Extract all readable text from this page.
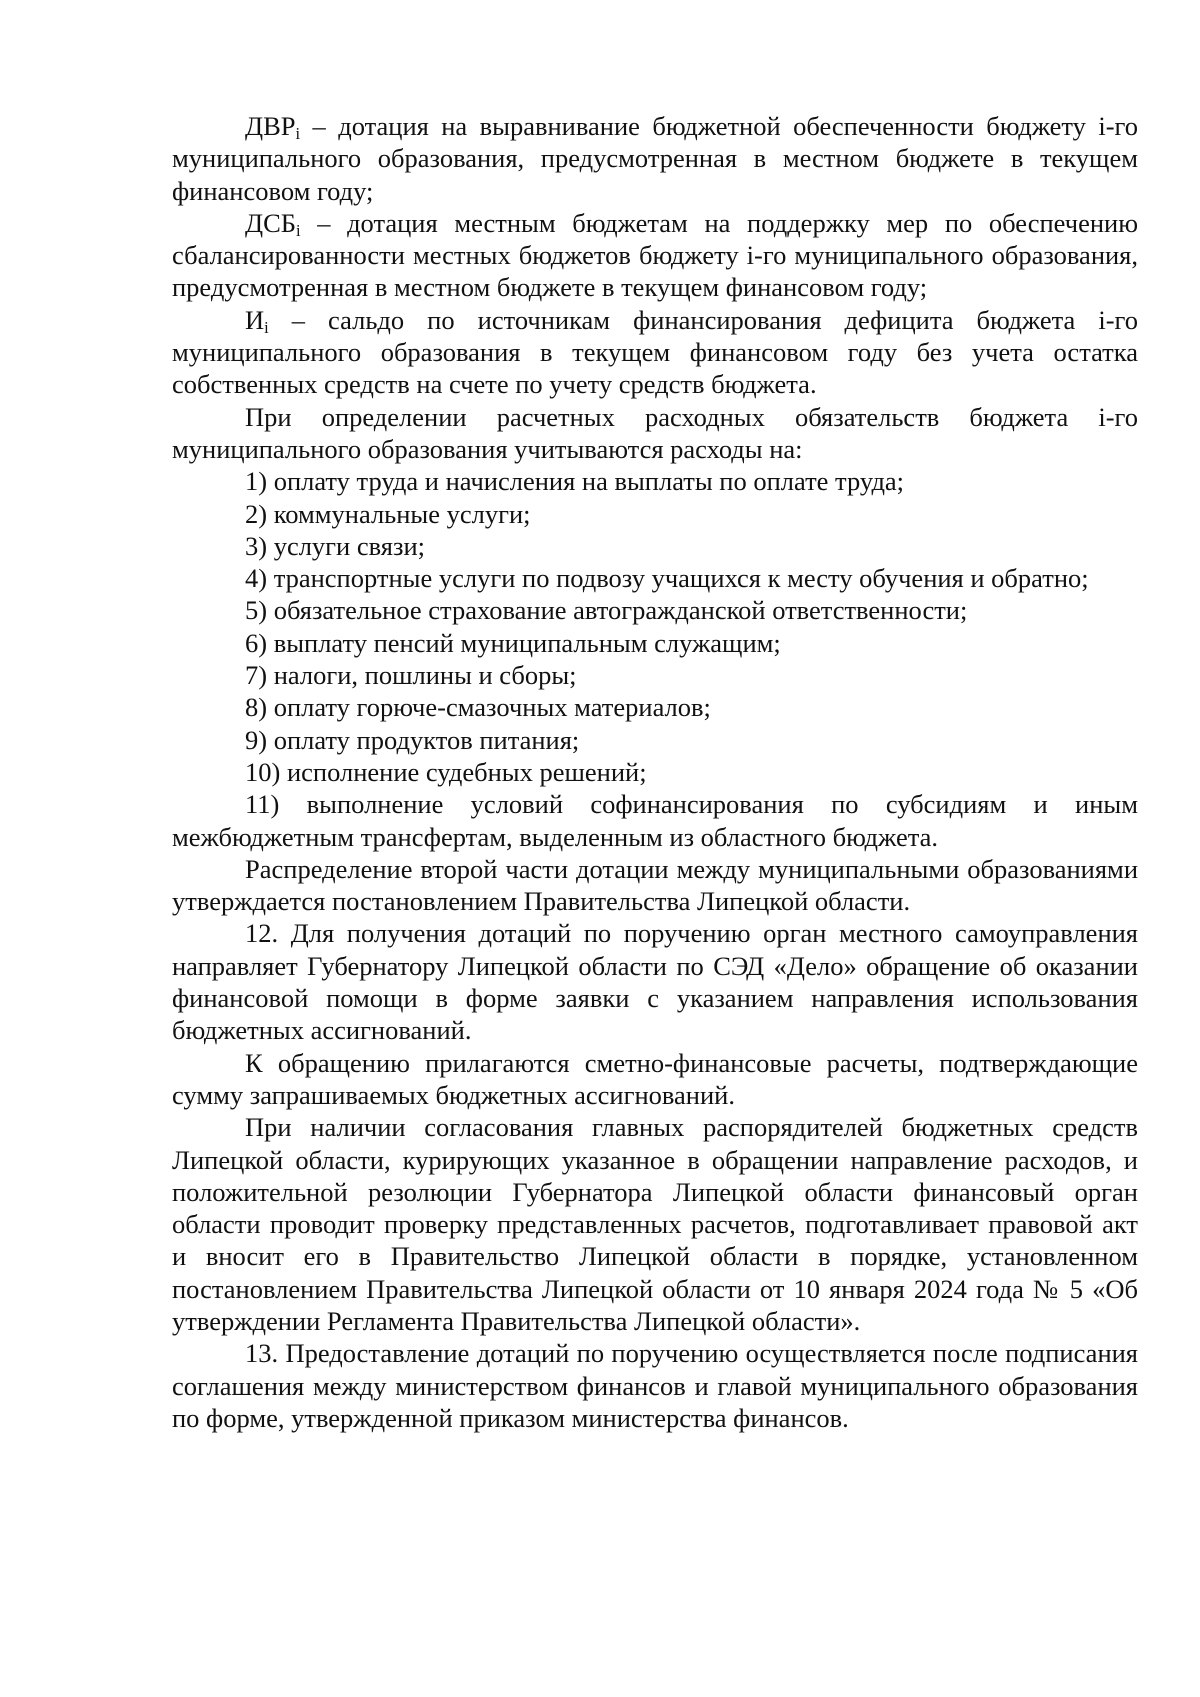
$ДВР_i$ – дотация на выравнивание бюджетной обеспеченности бюджету i-го муниципального образования, предусмотренная в местном бюджете в текущем финансовом году;

$ДСБ_i$ – дотация местным бюджетам на поддержку мер по обеспечению сбалансированности местных бюджетов бюджету i-го муниципального образования, предусмотренная в местном бюджете в текущем финансовом году;

$И_i$ – сальдо по источникам финансирования дефицита бюджета i-го муниципального образования в текущем финансовом году без учета остатка собственных средств на счете по учету средств бюджета.

При определении расчетных расходных обязательств бюджета i-го муниципального образования учитываются расходы на:

1) оплату труда и начисления на выплаты по оплате труда;

2) коммунальные услуги;

3) услуги связи;

4) транспортные услуги по подвозу учащихся к месту обучения и обратно;

5) обязательное страхование автогражданской ответственности;

6) выплату пенсий муниципальным служащим;

7) налоги, пошлины и сборы;

8) оплату горюче-смазочных материалов;

9) оплату продуктов питания;

10) исполнение судебных решений;

11) выполнение условий софинансирования по субсидиям и иным межбюджетным трансфертам, выделенным из областного бюджета.

Распределение второй части дотации между муниципальными образованиями утверждается постановлением Правительства Липецкой области.

12. Для получения дотаций по поручению орган местного самоуправления направляет Губернатору Липецкой области по СЭД «Дело» обращение об оказании финансовой помощи в форме заявки с указанием направления использования бюджетных ассигнований.

К обращению прилагаются сметно-финансовые расчеты, подтверждающие сумму запрашиваемых бюджетных ассигнований.

При наличии согласования главных распорядителей бюджетных средств Липецкой области, курирующих указанное в обращении направление расходов, и положительной резолюции Губернатора Липецкой области финансовый орган области проводит проверку представленных расчетов, подготавливает правовой акт и вносит его в Правительство Липецкой области в порядке, установленном постановлением Правительства Липецкой области от 10 января 2024 года № 5 «Об утверждении Регламента Правительства Липецкой области».

13. Предоставление дотаций по поручению осуществляется после подписания соглашения между министерством финансов и главой муниципального образования по форме, утвержденной приказом министерства финансов.
